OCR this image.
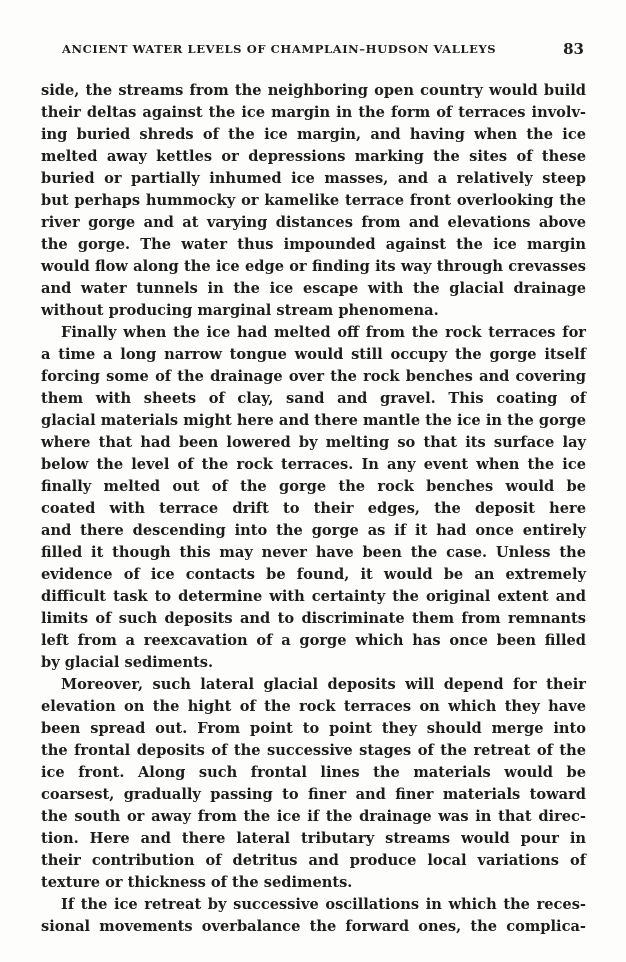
ANCIENT WATER LEVELS OF CHAMPLAIN–HUDSON VALLEYS	83
side, the streams from the neighboring open country would build
their deltas against the ice margin in the form of terraces involv-
ing buried shreds of the ice margin, and having when the ice
melted away kettles or depressions marking the sites of these
buried or partially inhumed ice masses, and a relatively steep
but perhaps hummocky or kamelike terrace front overlooking the
river gorge and at varying distances from and elevations above
the gorge. The water thus impounded against the ice margin
would flow along the ice edge or finding its way through crevasses
and water tunnels in the ice escape with the glacial drainage
without producing marginal stream phenomena.
Finally when the ice had melted off from the rock terraces for
a time a long narrow tongue would still occupy the gorge itself
forcing some of the drainage over the rock benches and covering
them with sheets of clay, sand and gravel. This coating of
glacial materials might here and there mantle the ice in the gorge
where that had been lowered by melting so that its surface lay
below the level of the rock terraces. In any event when the ice
finally melted out of the gorge the rock benches would be
coated with terrace drift to their edges, the deposit here
and there descending into the gorge as if it had once entirely
filled it though this may never have been the case. Unless the
evidence of ice contacts be found, it would be an extremely
difficult task to determine with certainty the original extent and
limits of such deposits and to discriminate them from remnants
left from a reexcavation of a gorge which has once been filled
by glacial sediments.
Moreover, such lateral glacial deposits will depend for their
elevation on the hight of the rock terraces on which they have
been spread out. From point to point they should merge into
the frontal deposits of the successive stages of the retreat of the
ice front. Along such frontal lines the materials would be
coarsest, gradually passing to finer and finer materials toward
the south or away from the ice if the drainage was in that direc-
tion. Here and there lateral tributary streams would pour in
their contribution of detritus and produce local variations of
texture or thickness of the sediments.
If the ice retreat by successive oscillations in which the reces-
sional movements overbalance the forward ones, the complica-
